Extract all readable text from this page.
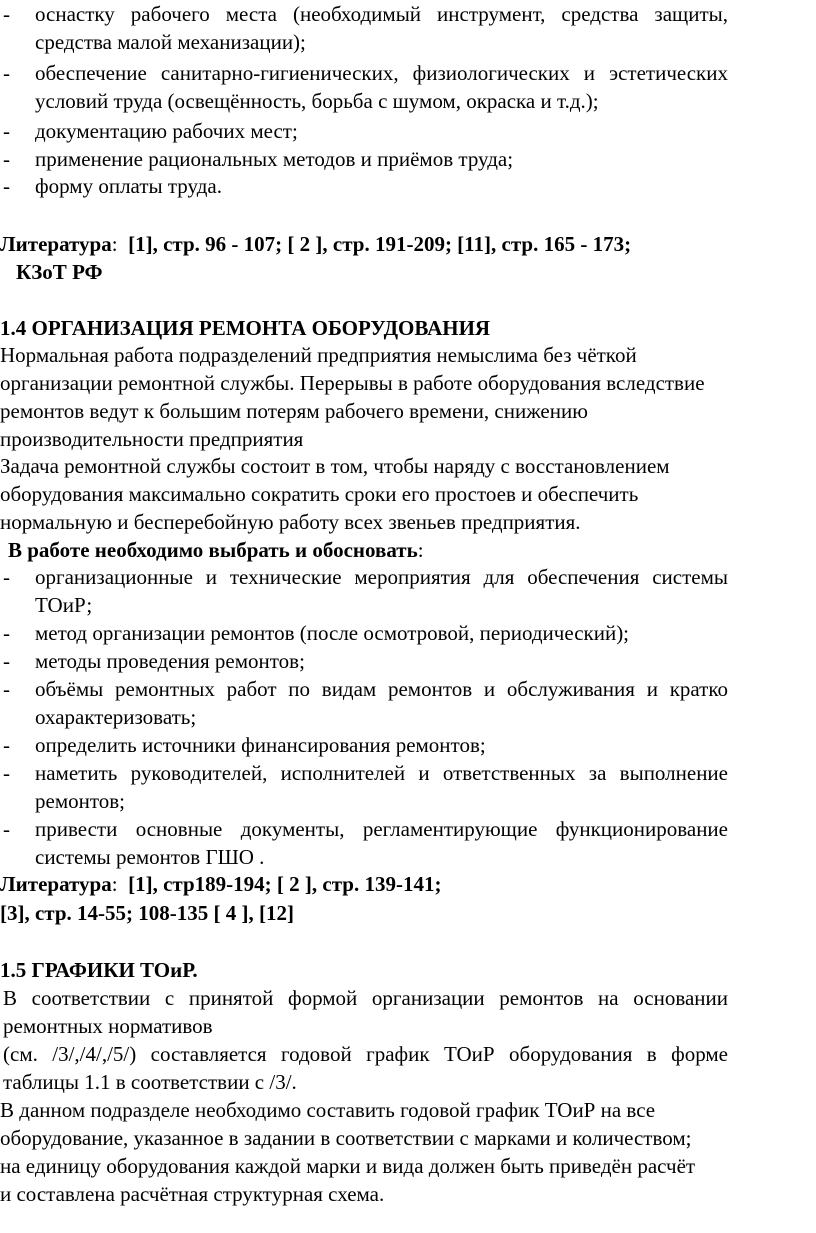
- оснастку рабочего места (необходимый инструмент, средства защиты,
средства малой механизации);
- обеспечение санитарно-гигиенических, физиологических и эстетических
условий труда (освещённость, борьба с шумом, окраска и т.д.);
- документацию рабочих мест;
- применение рациональных методов и приёмов труда;
- форму оплаты труда.
Литература: [1], стр. 96 - 107; [ 2 ], стр. 191-209; [11], стр. 165 - 173;
КЗоТ РФ
1.4 ОРГАНИЗАЦИЯ РЕМОНТА ОБОРУДОВАНИЯ
Нормальная работа подразделений предприятия немыслима без чёткой
организации ремонтной службы. Перерывы в работе оборудования вследствие
ремонтов ведут к большим потерям рабочего времени, снижению
производительности предприятия
Задача ремонтной службы состоит в том, чтобы наряду с восстановлением
оборудования максимально сократить сроки его простоев и обеспечить
нормальную и бесперебойную работу всех звеньев предприятия.
В работе необходимо выбрать и обосновать:
- организационные и технические мероприятия для обеспечения системы
ТОиР;
- метод организации ремонтов (после осмотровой, периодический);
- методы проведения ремонтов;
- объёмы ремонтных работ по видам ремонтов и обслуживания и кратко
охарактеризовать;
- определить источники финансирования ремонтов;
- наметить руководителей, исполнителей и ответственных за выполнение
ремонтов;
- привести основные документы, регламентирующие функционирование
системы ремонтов ГШО .
Литература: [1], стр189-194; [ 2 ], стр. 139-141;
[3], стр. 14-55; 108-135 [ 4 ], [12]
1.5 ГРАФИКИ ТОиР.
В соответствии с принятой формой организации ремонтов на основании
ремонтных нормативов
(см. /3/,/4/,/5/) составляется годовой график ТОиР оборудования в форме
таблицы 1.1 в соответствии с /3/.
В данном подразделе необходимо составить годовой график ТОиР на все
оборудование, указанное в задании в соответствии с марками и количеством;
на единицу оборудования каждой марки и вида должен быть приведён расчёт
и составлена расчётная структурная схема.
